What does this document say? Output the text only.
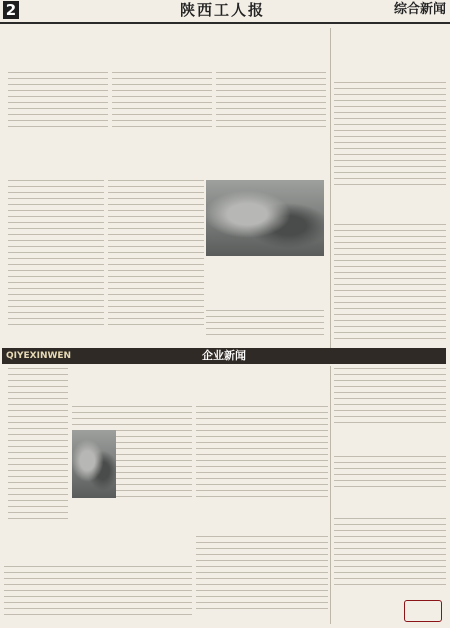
2	陕西工人报	综合新闻
QIYEXINWEN	企业新闻
